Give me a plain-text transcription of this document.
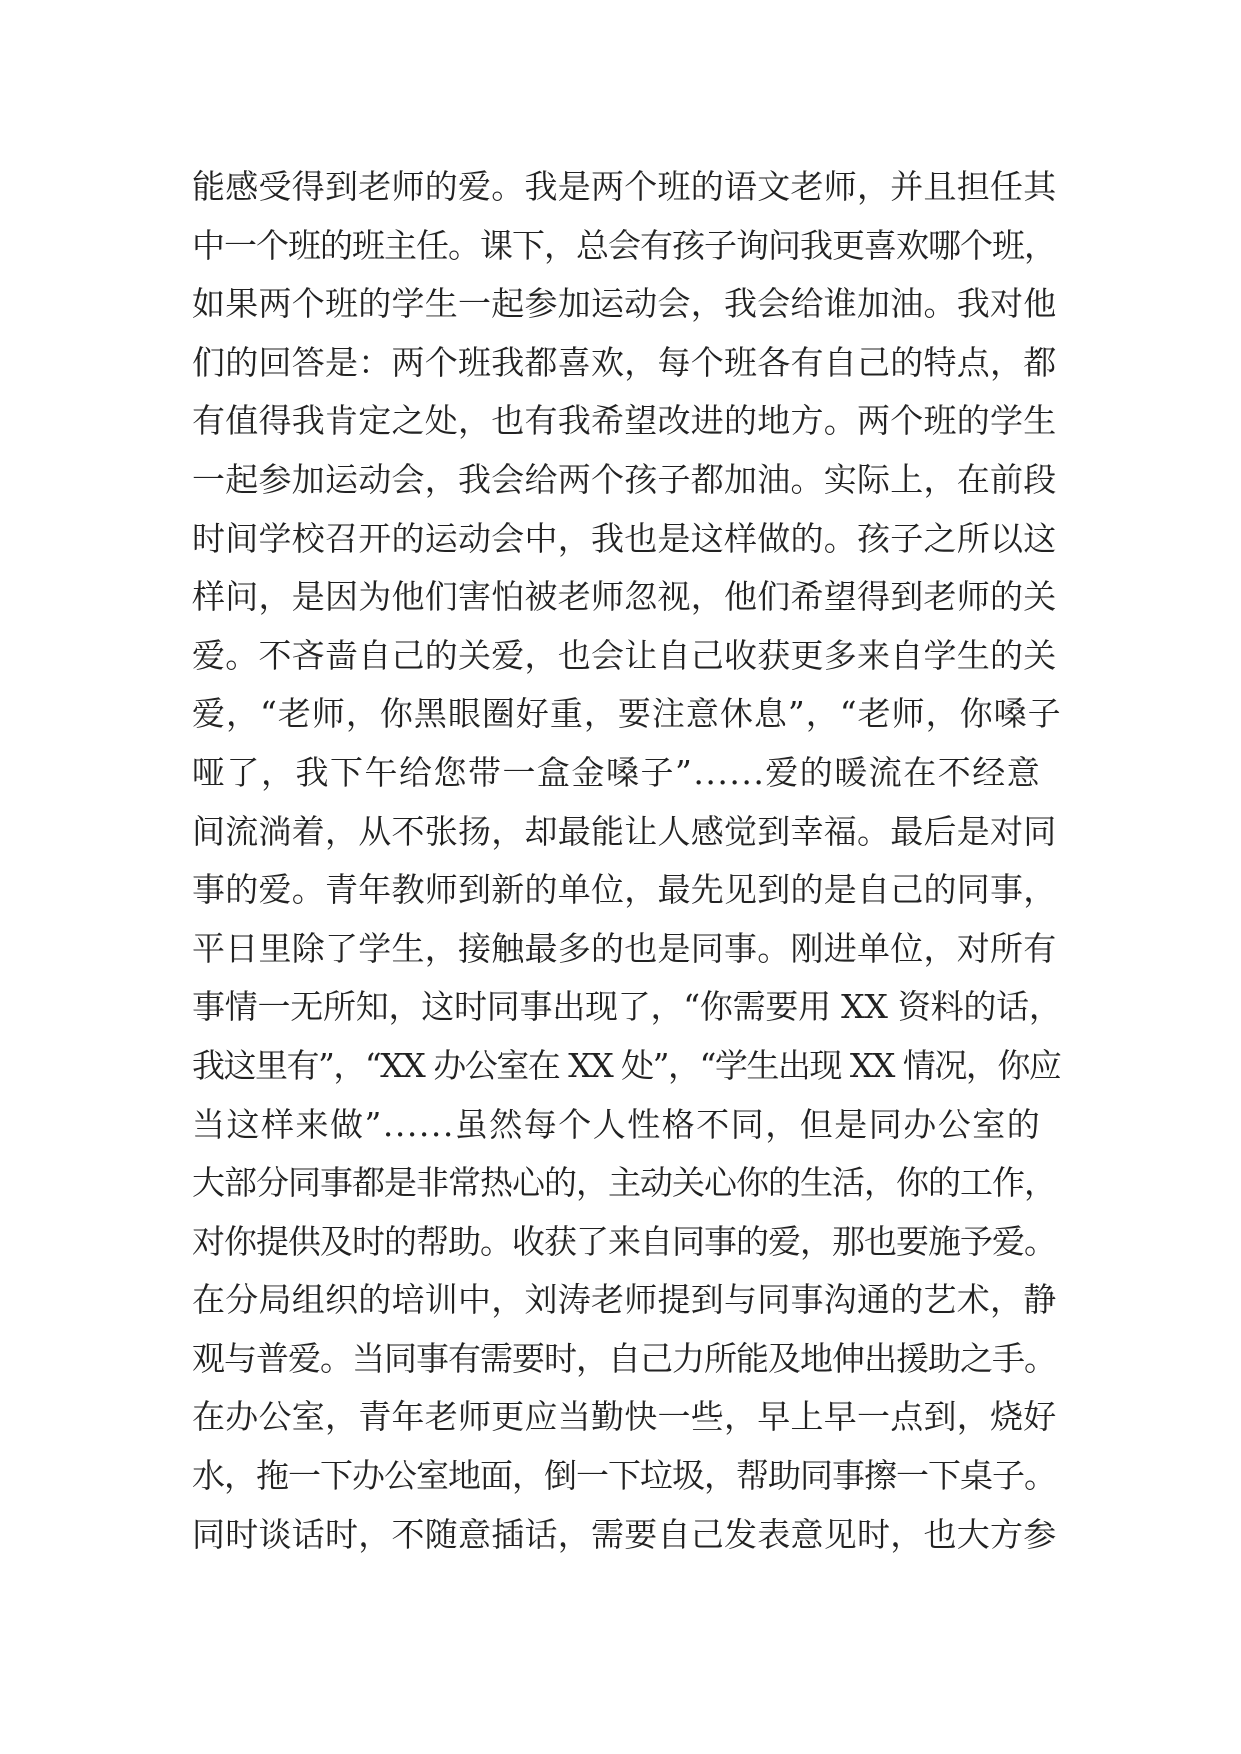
能感受得到老师的爱。我是两个班的语文老师，并且担任其
中一个班的班主任。课下，总会有孩子询问我更喜欢哪个班，
如果两个班的学生一起参加运动会，我会给谁加油。我对他
们的回答是：两个班我都喜欢，每个班各有自己的特点，都
有值得我肯定之处，也有我希望改进的地方。两个班的学生
一起参加运动会，我会给两个孩子都加油。实际上，在前段
时间学校召开的运动会中，我也是这样做的。孩子之所以这
样问，是因为他们害怕被老师忽视，他们希望得到老师的关
爱。不吝啬自己的关爱，也会让自己收获更多来自学生的关
爱，“老师，你黑眼圈好重，要注意休息”，“老师，你嗓子
哑了，我下午给您带一盒金嗓子”......爱的暖流在不经意
间流淌着，从不张扬，却最能让人感觉到幸福。最后是对同
事的爱。青年教师到新的单位，最先见到的是自己的同事，
平日里除了学生，接触最多的也是同事。刚进单位，对所有
事情一无所知，这时同事出现了，“你需要用 XX 资料的话，
我这里有”，“XX 办公室在 XX 处”，“学生出现 XX 情况，你应
当这样来做”......虽然每个人性格不同，但是同办公室的
大部分同事都是非常热心的，主动关心你的生活，你的工作，
对你提供及时的帮助。收获了来自同事的爱，那也要施予爱。
在分局组织的培训中，刘涛老师提到与同事沟通的艺术，静
观与普爱。当同事有需要时，自己力所能及地伸出援助之手。
在办公室，青年老师更应当勤快一些，早上早一点到，烧好
水，拖一下办公室地面，倒一下垃圾，帮助同事擦一下桌子。
同时谈话时，不随意插话，需要自己发表意见时，也大方参
